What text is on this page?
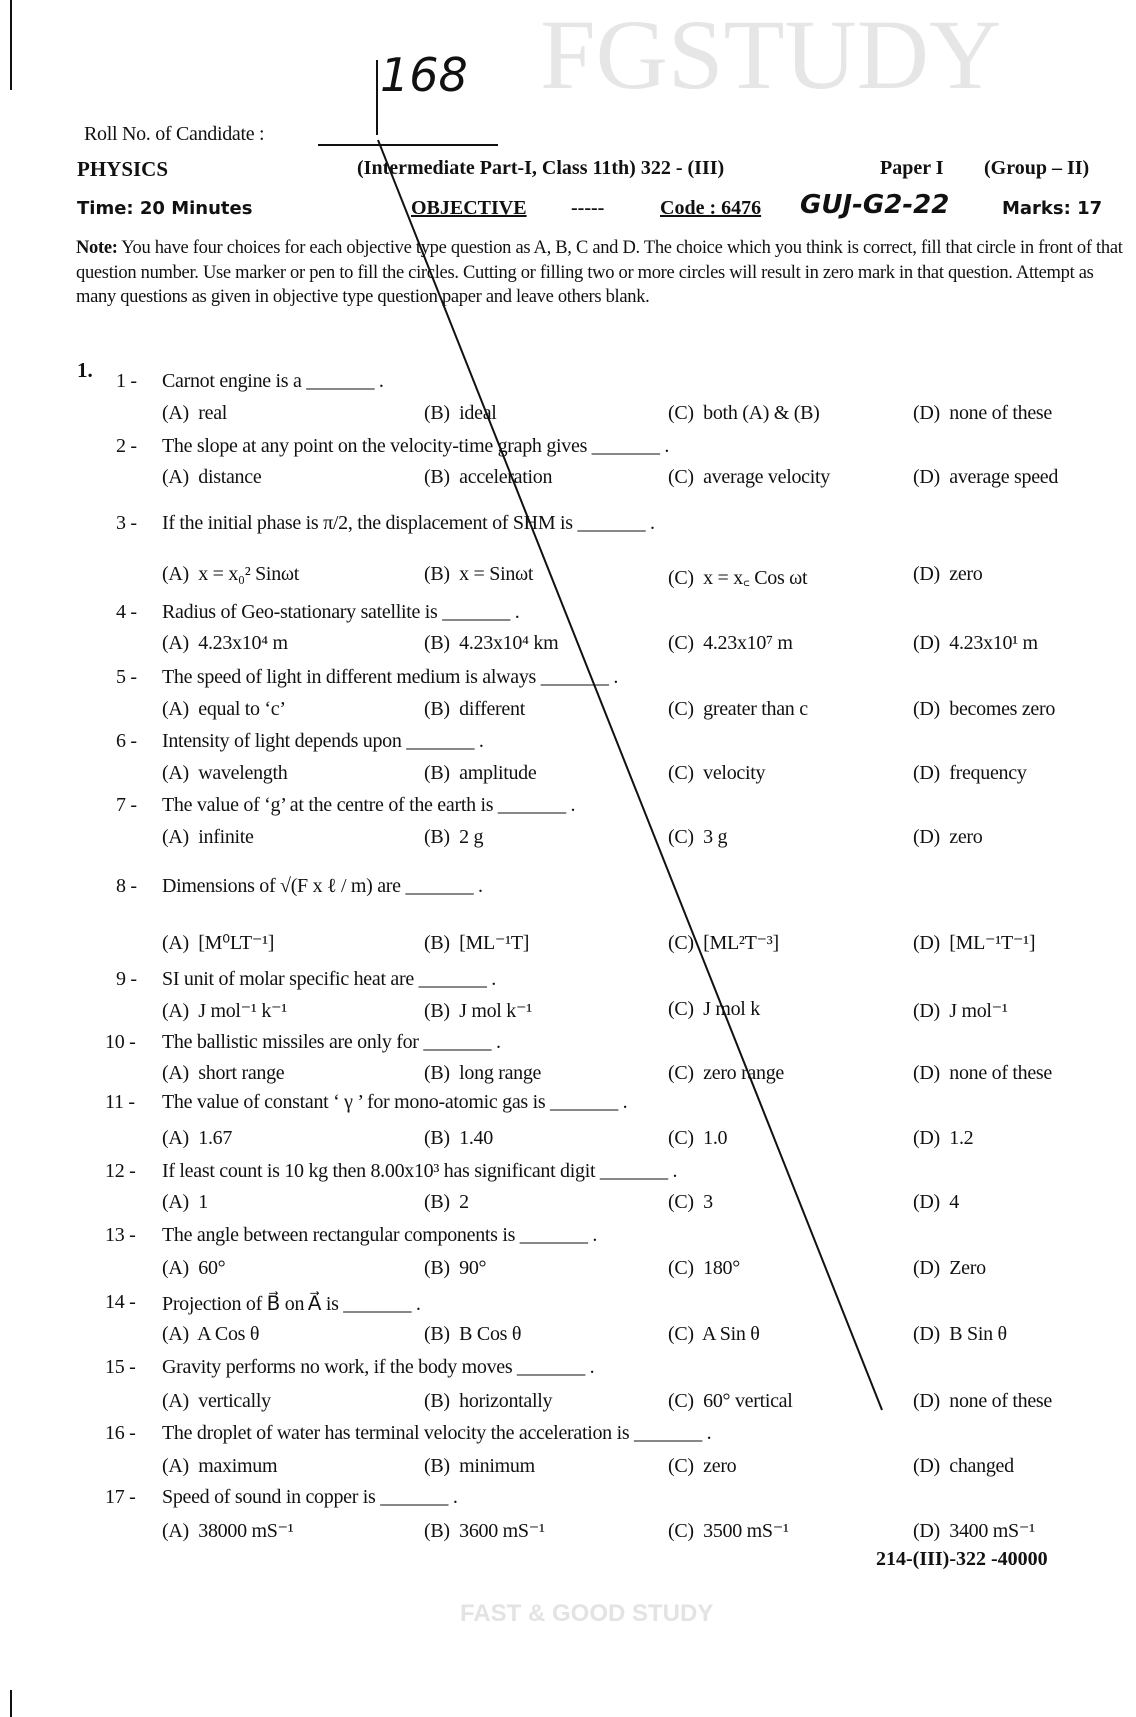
FGSTUDY
FAST & GOOD STUDY
168
Roll No. of Candidate :
PHYSICS	(Intermediate Part-I, Class 11th) 322 - (III)	Paper I (Group – II)
Time: 20 Minutes	OBJECTIVE -----	Code : 6476 GUJ-G2-22	Marks: 17
Note: You have four choices for each objective type question as A, B, C and D. The choice which you think is correct, fill that circle in front of that question number. Use marker or pen to fill the circles. Cutting or filling two or more circles will result in zero mark in that question. Attempt as many questions as given in objective type question paper and leave others blank.
1. 1 - Carnot engine is a _______ .
(A)  real	(B)  ideal	(C)  both (A) & (B)	(D)  none of these
2 - The slope at any point on the velocity-time graph gives _______ .
(A)  distance	(B)  acceleration	(C)  average velocity	(D)  average speed
3 - If the initial phase is π/2, the displacement of SHM is _______ .
(A)  x = x₀² Sinωt	(B)  x = Sinωt	(C)  x = x꜀ Cos ωt	(D)  zero
4 - Radius of Geo-stationary satellite is _______ .
(A)  4.23x10⁴ m	(B)  4.23x10⁴ km	(C)  4.23x10⁷ m	(D)  4.23x10¹ m
5 - The speed of light in different medium is always _______ .
(A)  equal to ‘c’	(B)  different	(C)  greater than c	(D)  becomes zero
6 - Intensity of light depends upon _______ .
(A)  wavelength	(B)  amplitude	(C)  velocity	(D)  frequency
7 - The value of ‘g’ at the centre of the earth is _______ .
(A)  infinite	(B)  2 g	(C)  3 g	(D)  zero
8 - Dimensions of √(F x ℓ / m) are _______ .
(A)  [M⁰LT⁻¹]	(B)  [ML⁻¹T]	(C)  [ML²T⁻³]	(D)  [ML⁻¹T⁻¹]
9 - SI unit of molar specific heat are _______ .
(A)  J mol⁻¹ k⁻¹	(B)  J mol k⁻¹	(C)  J mol k	(D)  J mol⁻¹
10 - The ballistic missiles are only for _______ .
(A)  short range	(B)  long range	(C)  zero range	(D)  none of these
11 - The value of constant ‘ γ ’ for mono-atomic gas is _______ .
(A)  1.67	(B)  1.40	(C)  1.0	(D)  1.2
12 - If least count is 10 kg then 8.00x10³ has significant digit _______ .
(A)  1	(B)  2	(C)  3	(D)  4
13 - The angle between rectangular components is _______ .
(A)  60°	(B)  90°	(C)  180°	(D)  Zero
14 - Projection of B⃗ on A⃗ is _______ .
(A)  A Cos θ	(B)  B Cos θ	(C)  A Sin θ	(D)  B Sin θ
15 - Gravity performs no work, if the body moves _______ .
(A)  vertically	(B)  horizontally	(C)  60° vertical	(D)  none of these
16 - The droplet of water has terminal velocity the acceleration is _______ .
(A)  maximum	(B)  minimum	(C)  zero	(D)  changed
17 - Speed of sound in copper is _______ .
(A)  38000 mS⁻¹	(B)  3600 mS⁻¹	(C)  3500 mS⁻¹	(D)  3400 mS⁻¹
214-(III)-322 -40000
